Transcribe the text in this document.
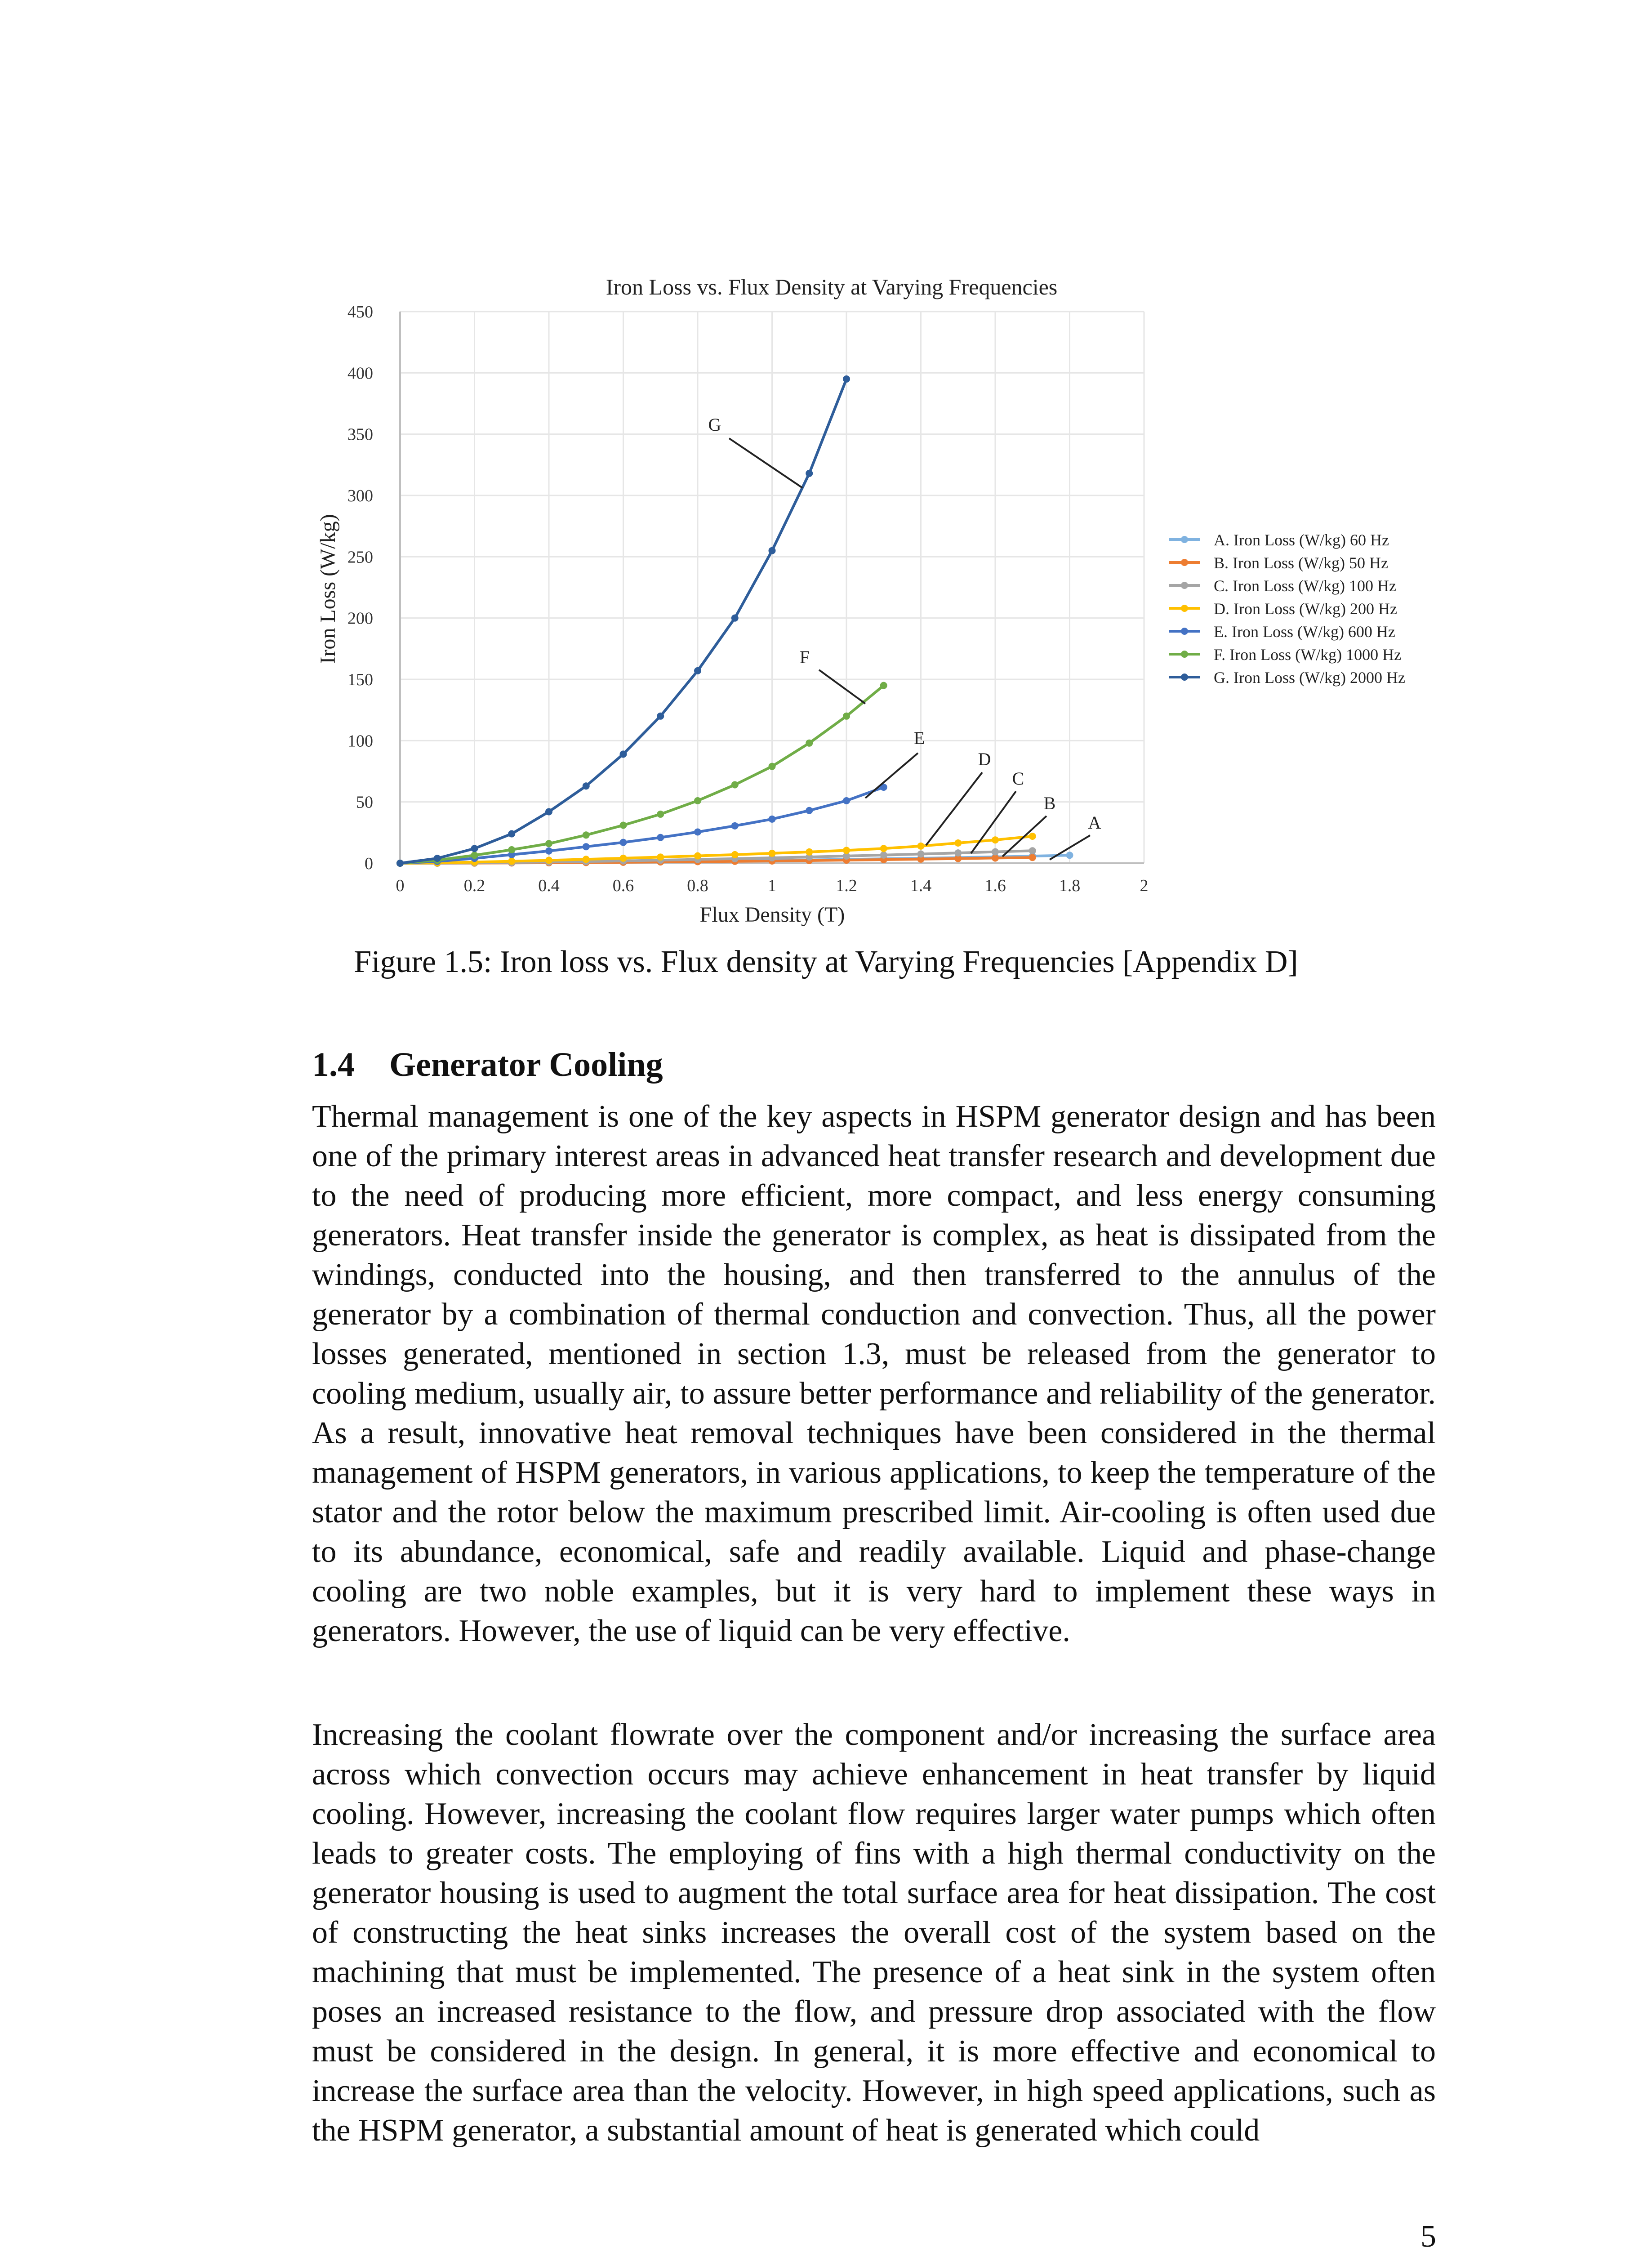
0
50
100
150
200
250
300
350
400
450
0	0.2	0.4	0.6	0.8	1	1.2	1.4	1.6	1.8	2
Iron Loss vs. Flux Density at Varying Frequencies
Flux Density (T)
Iron Loss (W/kg)
A
B
C
D
E
F
G
A. Iron Loss (W/kg) 60 Hz
B. Iron Loss (W/kg) 50 Hz
C. Iron Loss (W/kg) 100 Hz
D. Iron Loss (W/kg) 200 Hz
E. Iron Loss (W/kg) 600 Hz
F. Iron Loss (W/kg) 1000 Hz
G. Iron Loss (W/kg) 2000 Hz
Figure 1.5: Iron loss vs. Flux density at Varying Frequencies [Appendix D]
1.4 Generator Cooling

Thermal management is one of the key aspects in HSPM generator design and has been one of the primary interest areas in advanced heat transfer research and development due to the need of producing more efficient, more compact, and less energy consuming generators. Heat transfer inside the generator is complex, as heat is dissipated from the windings, conducted into the housing, and then transferred to the annulus of the generator by a combination of thermal conduction and convection. Thus, all the power losses generated, mentioned in section 1.3, must be released from the generator to cooling medium, usually air, to assure better performance and reliability of the generator. As a result, innovative heat removal techniques have been considered in the thermal management of HSPM generators, in various applications, to keep the temperature of the stator and the rotor below the maximum prescribed limit. Air-cooling is often used due to its abundance, economical, safe and readily available. Liquid and phase-change cooling are two noble examples, but it is very hard to implement these ways in generators. However, the use of liquid can be very effective.

Increasing the coolant flowrate over the component and/or increasing the surface area across which convection occurs may achieve enhancement in heat transfer by liquid cooling. However, increasing the coolant flow requires larger water pumps which often leads to greater costs. The employing of fins with a high thermal conductivity on the generator housing is used to augment the total surface area for heat dissipation. The cost of constructing the heat sinks increases the overall cost of the system based on the machining that must be implemented. The presence of a heat sink in the system often poses an increased resistance to the flow, and pressure drop associated with the flow must be considered in the design. In general, it is more effective and economical to increase the surface area than the velocity. However, in high speed applications, such as the HSPM generator, a substantial amount of heat is generated which could

5
